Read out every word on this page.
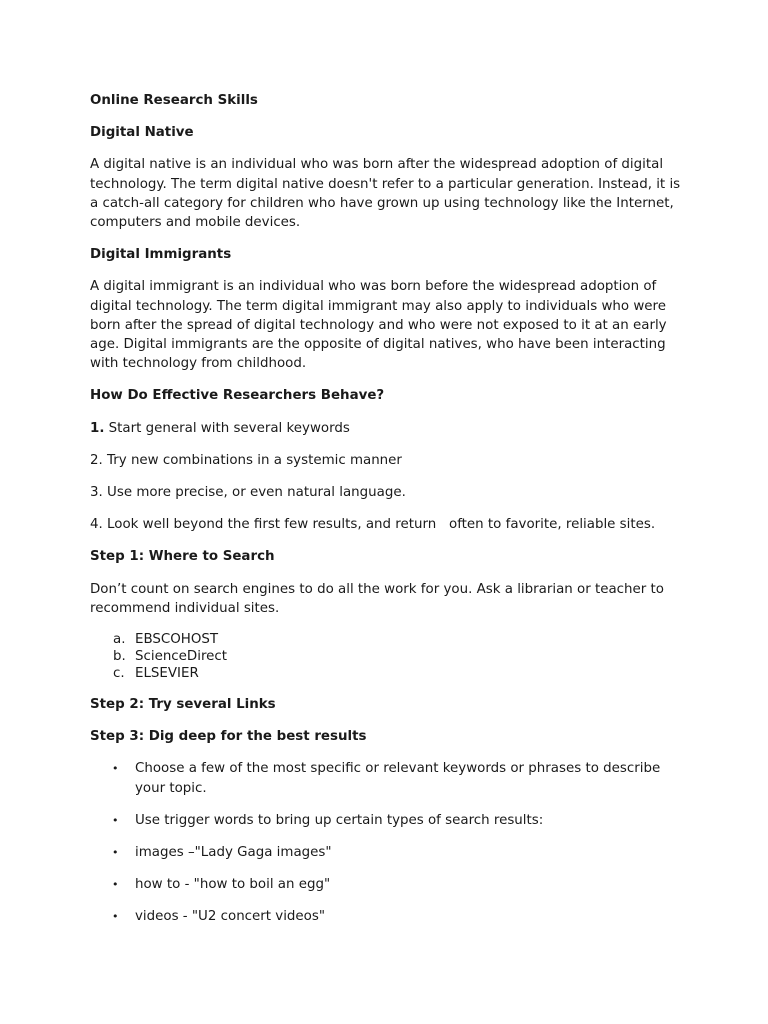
Online Research Skills
Digital Native
A digital native is an individual who was born after the widespread adoption of digital technology. The term digital native doesn't refer to a particular generation. Instead, it is a catch-all category for children who have grown up using technology like the Internet, computers and mobile devices.
Digital Immigrants
A digital immigrant is an individual who was born before the widespread adoption of digital technology. The term digital immigrant may also apply to individuals who were born after the spread of digital technology and who were not exposed to it at an early age. Digital immigrants are the opposite of digital natives, who have been interacting with technology from childhood.
How Do Effective Researchers Behave?
1. Start general with several keywords
2. Try new combinations in a systemic manner
3. Use more precise, or even natural language.
4. Look well beyond the first few results, and return   often to favorite, reliable sites.
Step 1: Where to Search
Don’t count on search engines to do all the work for you. Ask a librarian or teacher to recommend individual sites.
a. EBSCOHOST
b. ScienceDirect
c. ELSEVIER
Step 2: Try several Links
Step 3: Dig deep for the best results
• Choose a few of the most specific or relevant keywords or phrases to describe your topic.
• Use trigger words to bring up certain types of search results:
• images –"Lady Gaga images"
• how to - "how to boil an egg"
• videos - "U2 concert videos"
